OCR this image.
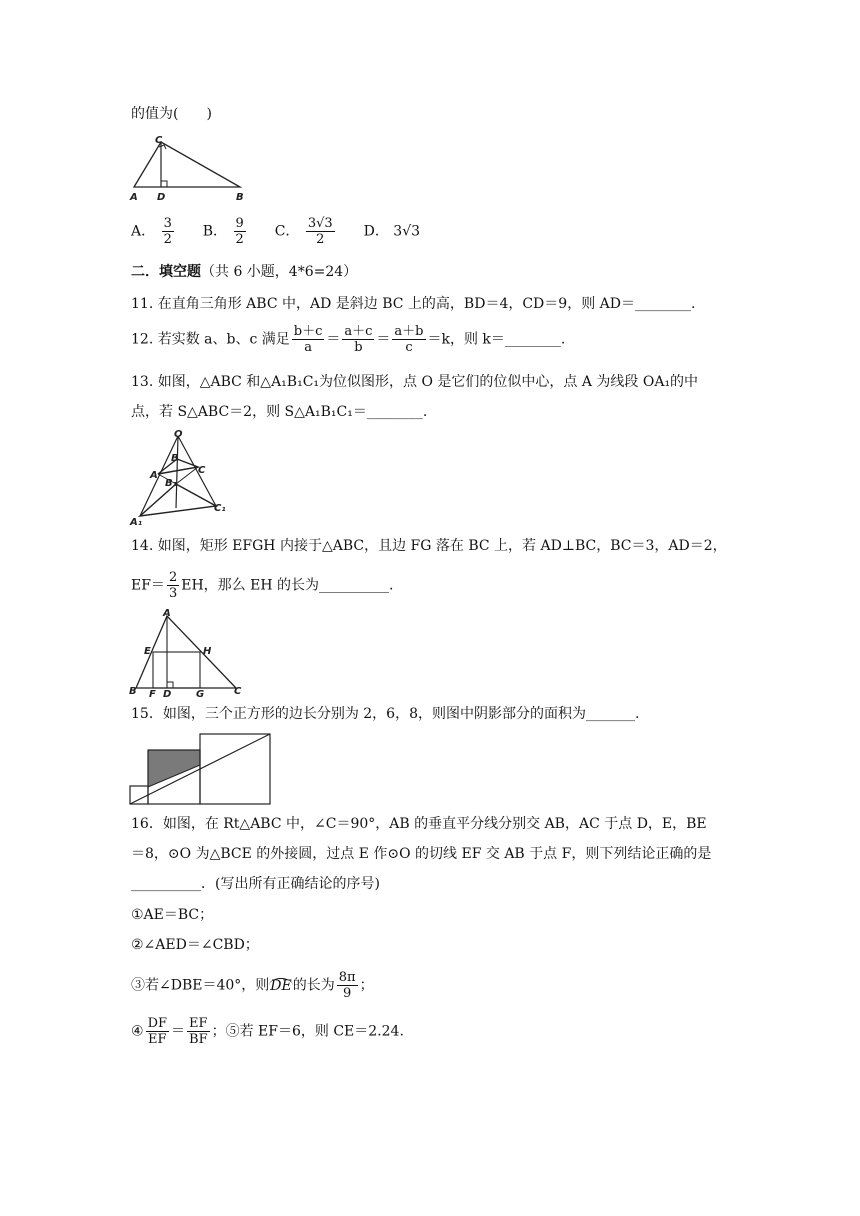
的值为(　　)
C
A D	B
A． $\frac{3}{2}$ B． $\frac{9}{2}$ C． $\frac{3√3}{2}$ D． 3√3
二．填空题（共 6 小题，4*6=24）
11. 在直角三角形 ABC 中，AD 是斜边 BC 上的高，BD＝4，CD＝9，则 AD＝________.
12. 若实数 a、b、c 满足 $\frac{b+c}{a} = \frac{a+c}{b} = \frac{a+b}{c} =k$，则 k＝________.
13. 如图，△ABC 和△A₁B₁C₁为位似图形，点 O 是它们的位似中心，点 A 为线段 OA₁的中
点，若 S△ABC＝2，则 S△A₁B₁C₁＝________.
O
B
A	C
B₁
C₁
A₁
14. 如图，矩形 EFGH 内接于△ABC，且边 FG 落在 BC 上，若 AD⊥BC，BC＝3，AD＝2，
$EF= \frac{2}{3}$ EH，那么 EH 的长为__________.
A
E	H
B F D G	C
15．如图，三个正方形的边长分别为 2，6，8，则图中阴影部分的面积为_______.
16．如图，在 Rt△ABC 中，∠C＝90°，AB 的垂直平分线分别交 AB，AC 于点 D，E，BE
＝8，⊙O 为△BCE 的外接圆，过点 E 作⊙O 的切线 EF 交 AB 于点 F，则下列结论正确的是
__________．(写出所有正确结论的序号)
①AE＝BC；
②∠AED＝∠CBD；
③若∠DBE＝40°，则DE的长为 $\frac{8\pi}{9}$ ；
④ $\frac{DF}{EF} = \frac{EF}{BF}$ ；⑤若 EF＝6，则 CE＝2.24.
